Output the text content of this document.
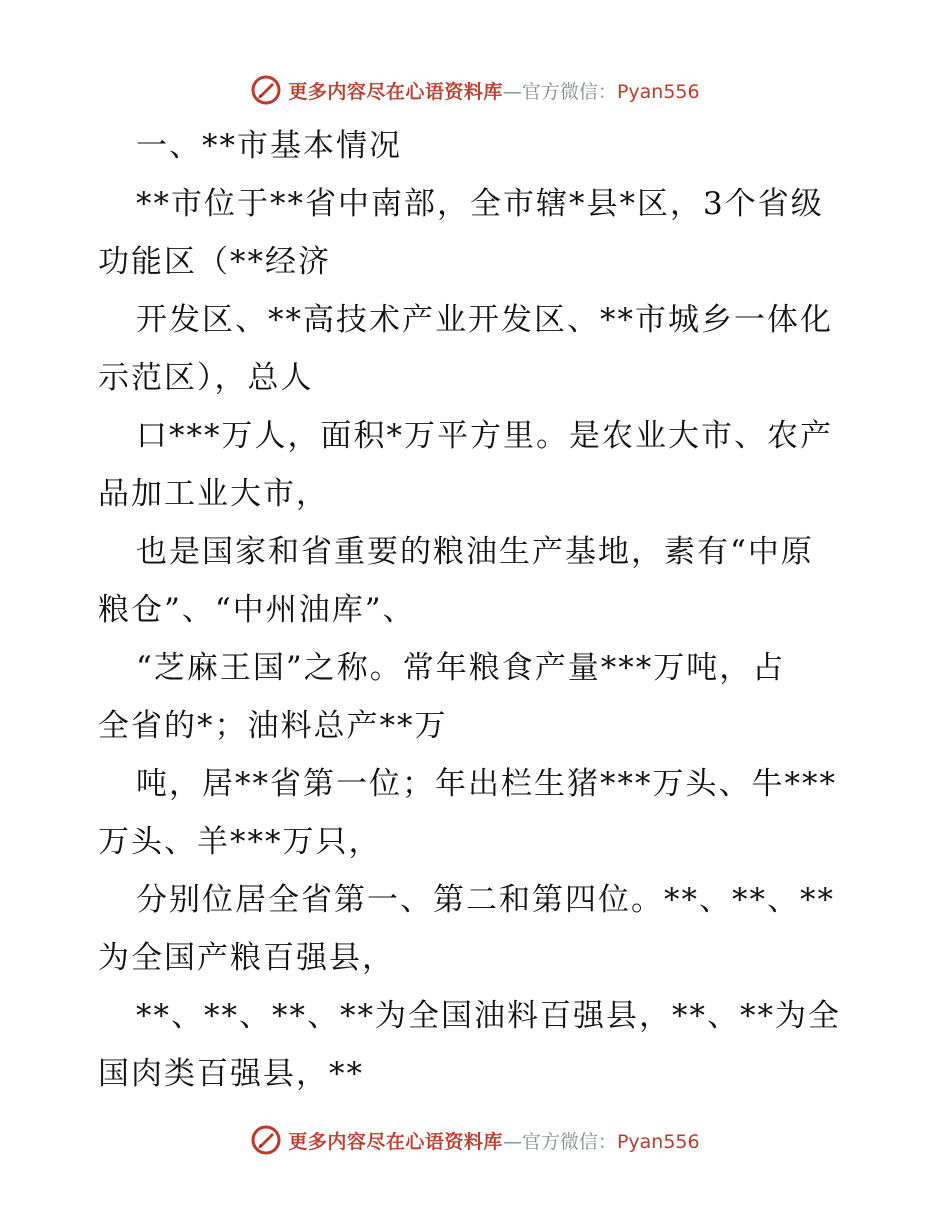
更多内容尽在心语资料库—官方微信：Pyan556
一、**市基本情况
**市位于**省中南部，全市辖*县*区，3个省级
功能区（**经济
开发区、**高技术产业开发区、**市城乡一体化
示范区），总人
口***万人，面积*万平方里。是农业大市、农产
品加工业大市，
也是国家和省重要的粮油生产基地，素有“中原
粮仓”、“中州油库”、
“芝麻王国”之称。常年粮食产量***万吨，占
全省的*；油料总产**万
吨，居**省第一位；年出栏生猪***万头、牛***
万头、羊***万只，
分别位居全省第一、第二和第四位。**、**、**
为全国产粮百强县，
**、**、**、**为全国油料百强县，**、**为全
国肉类百强县，**
更多内容尽在心语资料库—官方微信：Pyan556
